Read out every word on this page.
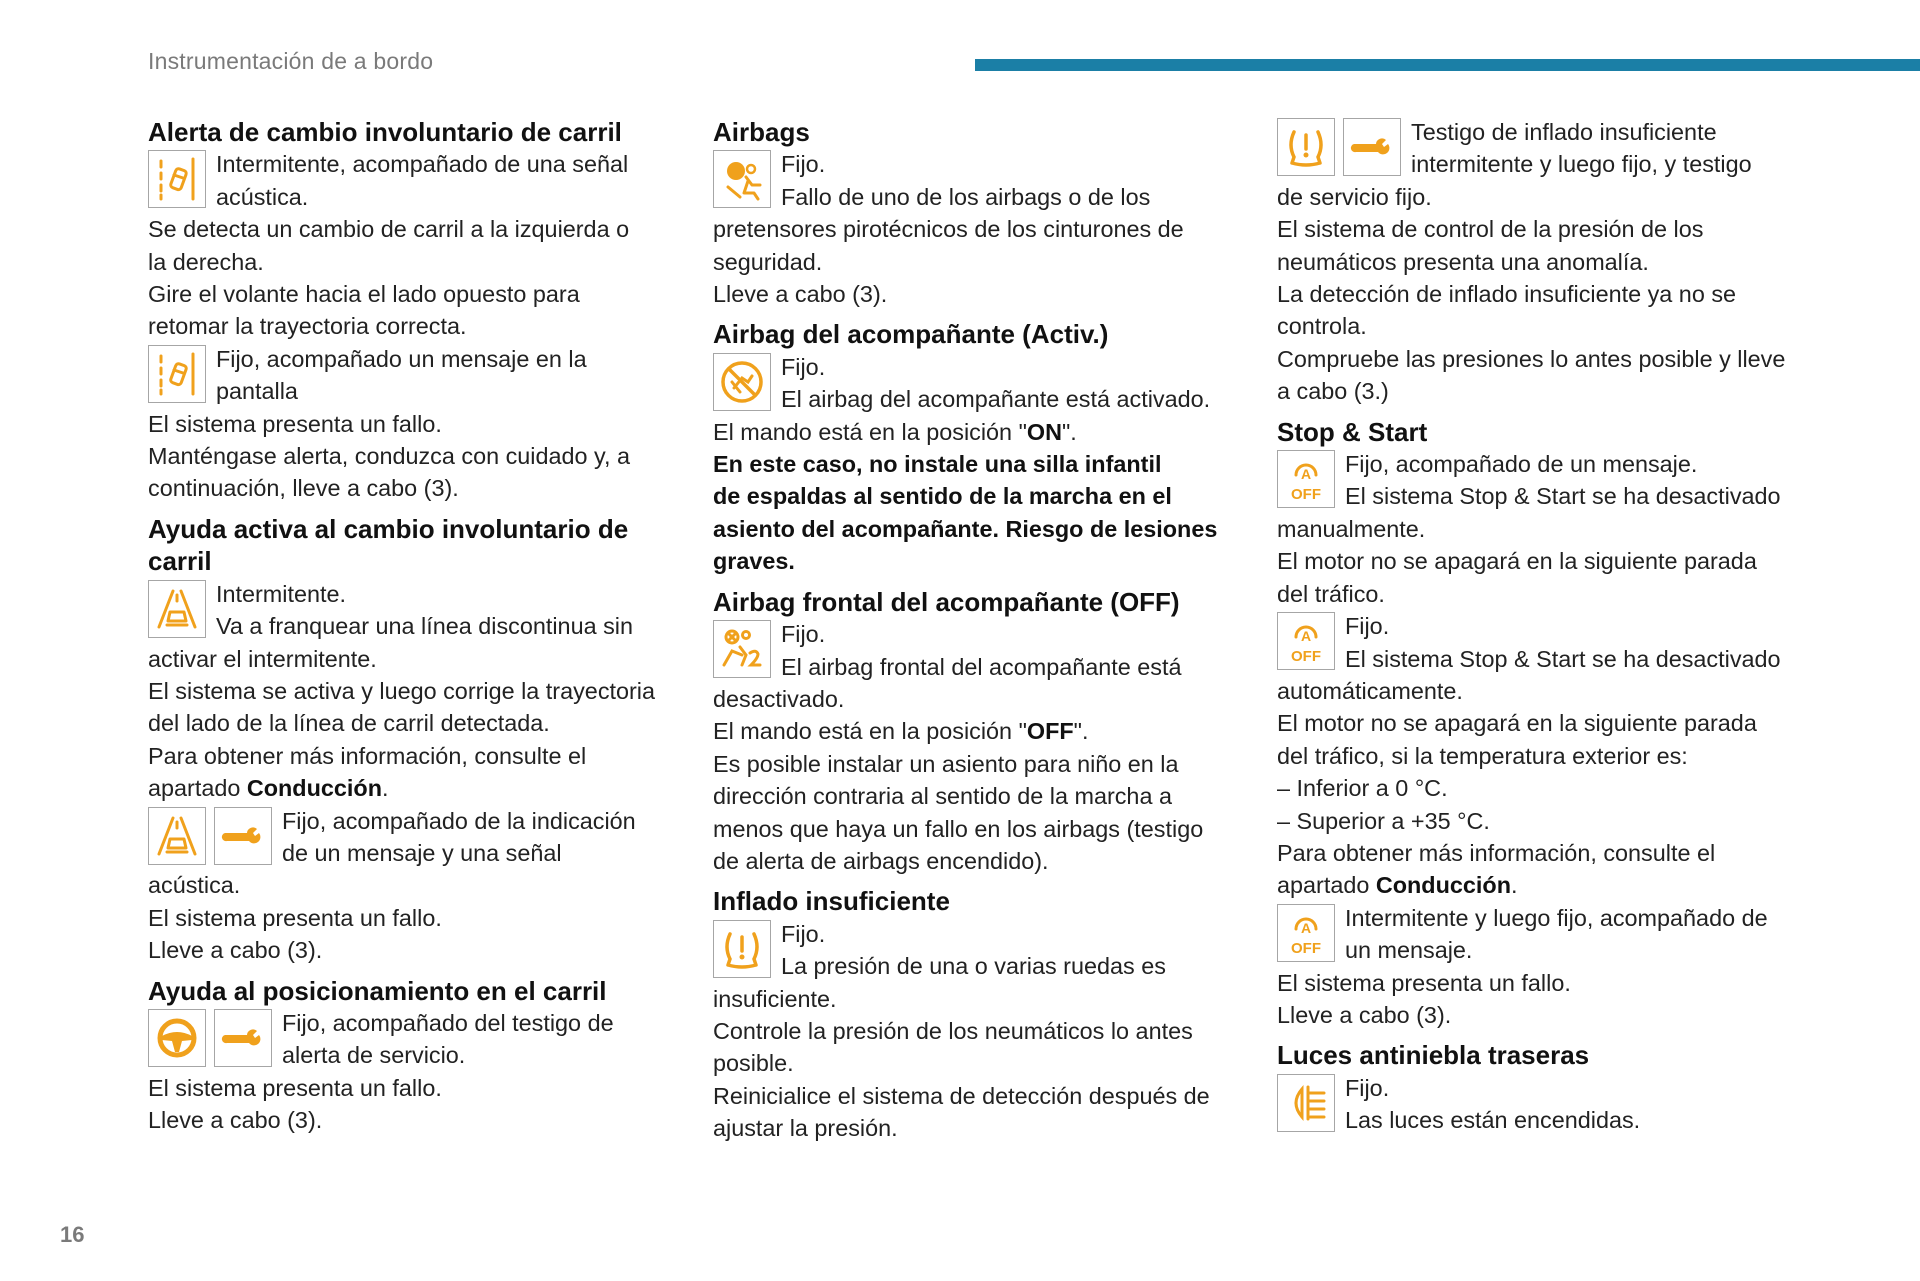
Instrumentación de a bordo
Alerta de cambio involuntario de carril

Intermitente, acompañado de una señal

acústica.

Se detecta un cambio de carril a la izquierda o

la derecha.

Gire el volante hacia el lado opuesto para

retomar la trayectoria correcta.

Fijo, acompañado un mensaje en la

pantalla

El sistema presenta un fallo.

Manténgase alerta, conduzca con cuidado y, a

continuación, lleve a cabo (3).

Ayuda activa al cambio involuntario de
carril

Intermitente.

Va a franquear una línea discontinua sin

activar el intermitente.

El sistema se activa y luego corrige la trayectoria

del lado de la línea de carril detectada.

Para obtener más información, consulte el

apartado Conducción.

Fijo, acompañado de la indicación

de un mensaje y una señal

acústica.

El sistema presenta un fallo.

Lleve a cabo (3).

Ayuda al posicionamiento en el carril

Fijo, acompañado del testigo de

alerta de servicio.

El sistema presenta un fallo.

Lleve a cabo (3).

Airbags

Fijo.

Fallo de uno de los airbags o de los

pretensores pirotécnicos de los cinturones de

seguridad.

Lleve a cabo (3).

Airbag del acompañante (Activ.)

Fijo.

El airbag del acompañante está activado.

El mando está en la posición "ON".

En este caso, no instale una silla infantil

de espaldas al sentido de la marcha en el

asiento del acompañante. Riesgo de lesiones

graves.

Airbag frontal del acompañante (OFF)

Fijo.

El airbag frontal del acompañante está

desactivado.

El mando está en la posición "OFF".

Es posible instalar un asiento para niño en la

dirección contraria al sentido de la marcha a

menos que haya un fallo en los airbags (testigo

de alerta de airbags encendido).

Inflado insuficiente

Fijo.

La presión de una o varias ruedas es

insuficiente.

Controle la presión de los neumáticos lo antes

posible.

Reinicialice el sistema de detección después de

ajustar la presión.

Testigo de inflado insuficiente

intermitente y luego fijo, y testigo

de servicio fijo.

El sistema de control de la presión de los

neumáticos presenta una anomalía.

La detección de inflado insuficiente ya no se

controla.

Compruebe las presiones lo antes posible y lleve

a cabo (3.)

Stop & Start
A
OFF

Fijo, acompañado de un mensaje.

El sistema Stop & Start se ha desactivado

manualmente.

El motor no se apagará en la siguiente parada

del tráfico.

A
OFF

Fijo.

El sistema Stop & Start se ha desactivado

automáticamente.

El motor no se apagará en la siguiente parada

del tráfico, si la temperatura exterior es:

– Inferior a 0 °C.

– Superior a +35 °C.

Para obtener más información, consulte el

apartado Conducción.

A
OFF

Intermitente y luego fijo, acompañado de

un mensaje.

El sistema presenta un fallo.

Lleve a cabo (3).

Luces antiniebla traseras

Fijo.

Las luces están encendidas.

16
